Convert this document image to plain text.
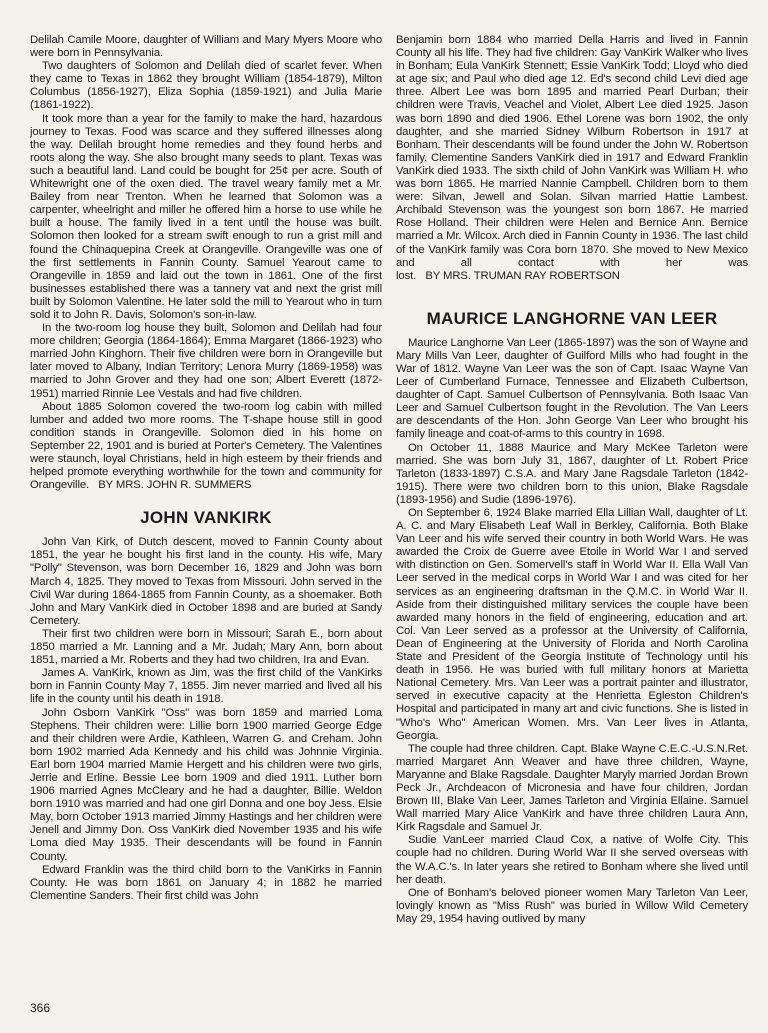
Delilah Camile Moore, daughter of William and Mary Myers Moore who were born in Pennsylvania.

Two daughters of Solomon and Delilah died of scarlet fever. When they came to Texas in 1862 they brought William (1854-1879), Milton Columbus (1856-1927), Eliza Sophia (1859-1921) and Julia Marie (1861-1922).

It took more than a year for the family to make the hard, hazardous journey to Texas. Food was scarce and they suffered illnesses along the way. Delilah brought home remedies and they found herbs and roots along the way. She also brought many seeds to plant. Texas was such a beautiful land. Land could be bought for 25¢ per acre. South of Whitewright one of the oxen died. The travel weary family met a Mr. Bailey from near Trenton. When he learned that Solomon was a carpenter, wheelright and miller he offered him a horse to use while he built a house. The family lived in a tent until the house was built. Solomon then looked for a stream swift enough to run a grist mill and found the Chinaquepina Creek at Orangeville. Orangeville was one of the first settlements in Fannin County. Samuel Yearout came to Orangeville in 1859 and laid out the town in 1861. One of the first businesses established there was a tannery vat and next the grist mill built by Solomon Valentine. He later sold the mill to Yearout who in turn sold it to John R. Davis, Solomon's son-in-law.

In the two-room log house they built, Solomon and Delilah had four more children; Georgia (1864-1864); Emma Margaret (1866-1923) who married John Kinghorn. Their five children were born in Orangeville but later moved to Albany, Indian Territory; Lenora Murry (1869-1958) was married to John Grover and they had one son; Albert Everett (1872-1951) married Rinnie Lee Vestals and had five children.

About 1885 Solomon covered the two-room log cabin with milled lumber and added two more rooms. The T-shape house still in good condition stands in Orangeville. Solomon died in his home on September 22, 1901 and is buried at Porter's Cemetery. The Valentines were staunch, loyal Christians, held in high esteem by their friends and helped promote everything worthwhile for the town and community for Orangeville. BY MRS. JOHN R. SUMMERS

JOHN VANKIRK

John Van Kirk, of Dutch descent, moved to Fannin County about 1851, the year he bought his first land in the county. His wife, Mary "Polly" Stevenson, was born December 16, 1829 and John was born March 4, 1825. They moved to Texas from Missouri. John served in the Civil War during 1864-1865 from Fannin County, as a shoemaker. Both John and Mary VanKirk died in October 1898 and are buried at Sandy Cemetery.

Their first two children were born in Missouri; Sarah E., born about 1850 married a Mr. Lanning and a Mr. Judah; Mary Ann, born about 1851, married a Mr. Roberts and they had two children, Ira and Evan.

James A. VanKirk, known as Jim, was the first child of the VanKirks born in Fannin County May 7, 1855. Jim never married and lived all his life in the county until his death in 1918.

John Osborn VanKirk "Oss" was born 1859 and married Loma Stephens. Their children were: Lillie born 1900 married George Edge and their children were Ardie, Kathleen, Warren G. and Creham. John born 1902 married Ada Kennedy and his child was Johnnie Virginia. Earl born 1904 married Mamie Hergett and his children were two girls, Jerrie and Erline. Bessie Lee born 1909 and died 1911. Luther born 1906 married Agnes McCleary and he had a daughter, Billie. Weldon born 1910 was married and had one girl Donna and one boy Jess. Elsie May, born October 1913 married Jimmy Hastings and her children were Jenell and Jimmy Don. Oss VanKirk died November 1935 and his wife Loma died May 1935. Their descendants will be found in Fannin County.

Edward Franklin was the third child born to the VanKirks in Fannin County. He was born 1861 on January 4; in 1882 he married Clementine Sanders. Their first child was John

Benjamin born 1884 who married Della Harris and lived in Fannin County all his life. They had five children: Gay VanKirk Walker who lives in Bonham; Eula VanKirk Stennett; Essie VanKirk Todd; Lloyd who died at age six; and Paul who died age 12. Ed's second child Levi died age three. Albert Lee was born 1895 and married Pearl Durban; their children were Travis, Veachel and Violet, Albert Lee died 1925. Jason was born 1890 and died 1906. Ethel Lorene was born 1902, the only daughter, and she married Sidney Wilburn Robertson in 1917 at Bonham. Their descendants will be found under the John W. Robertson family. Clementine Sanders VanKirk died in 1917 and Edward Franklin VanKirk died 1933. The sixth child of John VanKirk was William H. who was born 1865. He married Nannie Campbell. Children born to them were: Silvan, Jewell and Solan. Silvan married Hattie Lambest. Archibald Stevenson was the youngest son born 1867. He married Rose Holland. Their children were Helen and Bernice Ann. Bernice married a Mr. Wilcox. Arch died in Fannin County in 1936. The last child of the VanKirk family was Cora born 1870. She moved to New Mexico and all contact with her was lost. BY MRS. TRUMAN RAY ROBERTSON

MAURICE LANGHORNE VAN LEER

Maurice Langhorne Van Leer (1865-1897) was the son of Wayne and Mary Mills Van Leer, daughter of Guilford Mills who had fought in the War of 1812. Wayne Van Leer was the son of Capt. Isaac Wayne Van Leer of Cumberland Furnace, Tennessee and Elizabeth Culbertson, daughter of Capt. Samuel Culbertson of Pennsylvania. Both Isaac Van Leer and Samuel Culbertson fought in the Revolution. The Van Leers are descendants of the Hon. John George Van Leer who brought his family lineage and coat-of-arms to this country in 1698.

On October 11, 1888 Maurice and Mary McKee Tarleton were married. She was born July 31, 1867, daughter of Lt. Robert Price Tarleton (1833-1897) C.S.A. and Mary Jane Ragsdale Tarleton (1842-1915). There were two children born to this union, Blake Ragsdale (1893-1956) and Sudie (1896-1976).

On September 6, 1924 Blake married Ella Lillian Wall, daughter of Lt. A. C. and Mary Elisabeth Leaf Wall in Berkley, California. Both Blake Van Leer and his wife served their country in both World Wars. He was awarded the Croix de Guerre avee Etoile in World War I and served with distinction on Gen. Somervell's staff in World War II. Ella Wall Van Leer served in the medical corps in World War I and was cited for her services as an engineering draftsman in the Q.M.C. in World War II. Aside from their distinguished military services the couple have been awarded many honors in the field of engineering, education and art. Col. Van Leer served as a professor at the University of California, Dean of Engineering at the University of Florida and North Carolina State and President of the Georgia Institute of Technology until his death in 1956. He was buried with full military honors at Marietta National Cemetery. Mrs. Van Leer was a portrait painter and illustrator, served in executive capacity at the Henrietta Egleston Children's Hospital and participated in many art and civic functions. She is listed in "Who's Who" American Women. Mrs. Van Leer lives in Atlanta, Georgia.

The couple had three children. Capt. Blake Wayne C.E.C.-U.S.N.Ret. married Margaret Ann Weaver and have three children, Wayne, Maryanne and Blake Ragsdale. Daughter Maryly married Jordan Brown Peck Jr., Archdeacon of Micronesia and have four children, Jordan Brown III, Blake Van Leer, James Tarleton and Virginia Ellaine. Samuel Wall married Mary Alice VanKirk and have three children Laura Ann, Kirk Ragsdale and Samuel Jr.

Sudie VanLeer married Claud Cox, a native of Wolfe City. This couple had no children. During World War II she served overseas with the W.A.C.'s. In later years she retired to Bonham where she lived until her death.

One of Bonham's beloved pioneer women Mary Tarleton Van Leer, lovingly known as "Miss Rush" was buried in Willow Wild Cemetery May 29, 1954 having outlived by many

366
